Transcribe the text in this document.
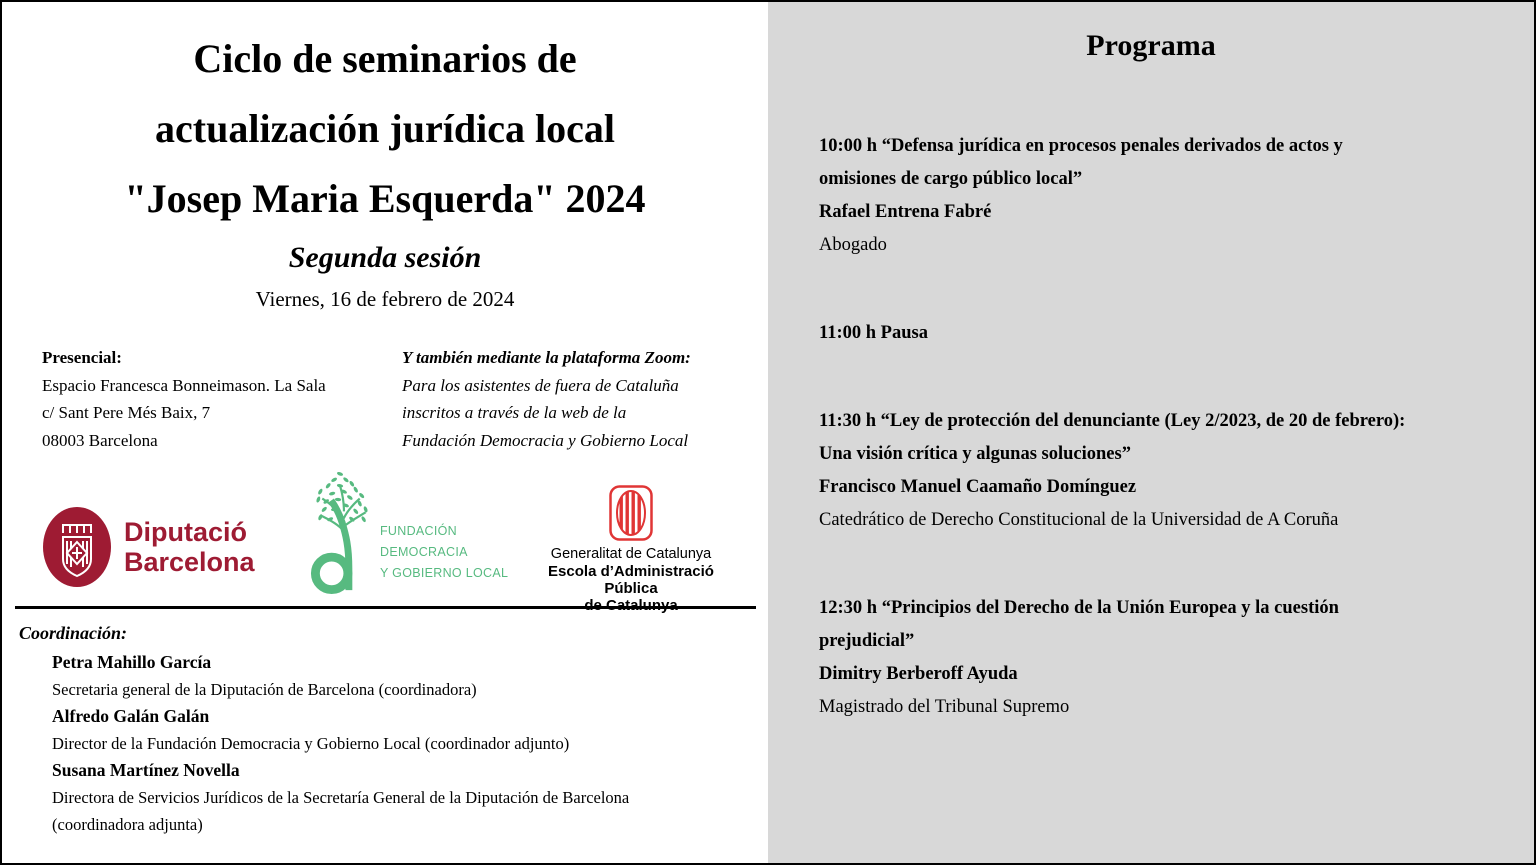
Ciclo de seminarios de
actualización jurídica local
"Josep Maria Esquerda" 2024
Segunda sesión
Viernes, 16 de febrero de 2024
Presencial:
Espacio Francesca Bonneimason. La Sala
c/ Sant Pere Més Baix, 7
08003 Barcelona
Y también mediante la plataforma Zoom:
Para los asistentes de fuera de Cataluña
inscritos a través de la web de la
Fundación Democracia y Gobierno Local
Diputació
Barcelona
FUNDACIÓN
DEMOCRACIA
Y GOBIERNO LOCAL
Generalitat de Catalunya
Escola d’Administració Pública
de Catalunya
Coordinación:
Petra Mahillo García
Secretaria general de la Diputación de Barcelona (coordinadora)
Alfredo Galán Galán
Director de la Fundación Democracia y Gobierno Local (coordinador adjunto)
Susana Martínez Novella
Directora de Servicios Jurídicos de la Secretaría General de la Diputación de Barcelona
(coordinadora adjunta)
Programa
10:00 h “Defensa jurídica en procesos penales derivados de actos y
omisiones de cargo público local”
Rafael Entrena Fabré
Abogado
11:00 h Pausa
11:30 h “Ley de protección del denunciante (Ley 2/2023, de 20 de febrero):
Una visión crítica y algunas soluciones”
Francisco Manuel Caamaño Domínguez
Catedrático de Derecho Constitucional de la Universidad de A Coruña
12:30 h “Principios del Derecho de la Unión Europea y la cuestión
prejudicial”
Dimitry Berberoff Ayuda
Magistrado del Tribunal Supremo
